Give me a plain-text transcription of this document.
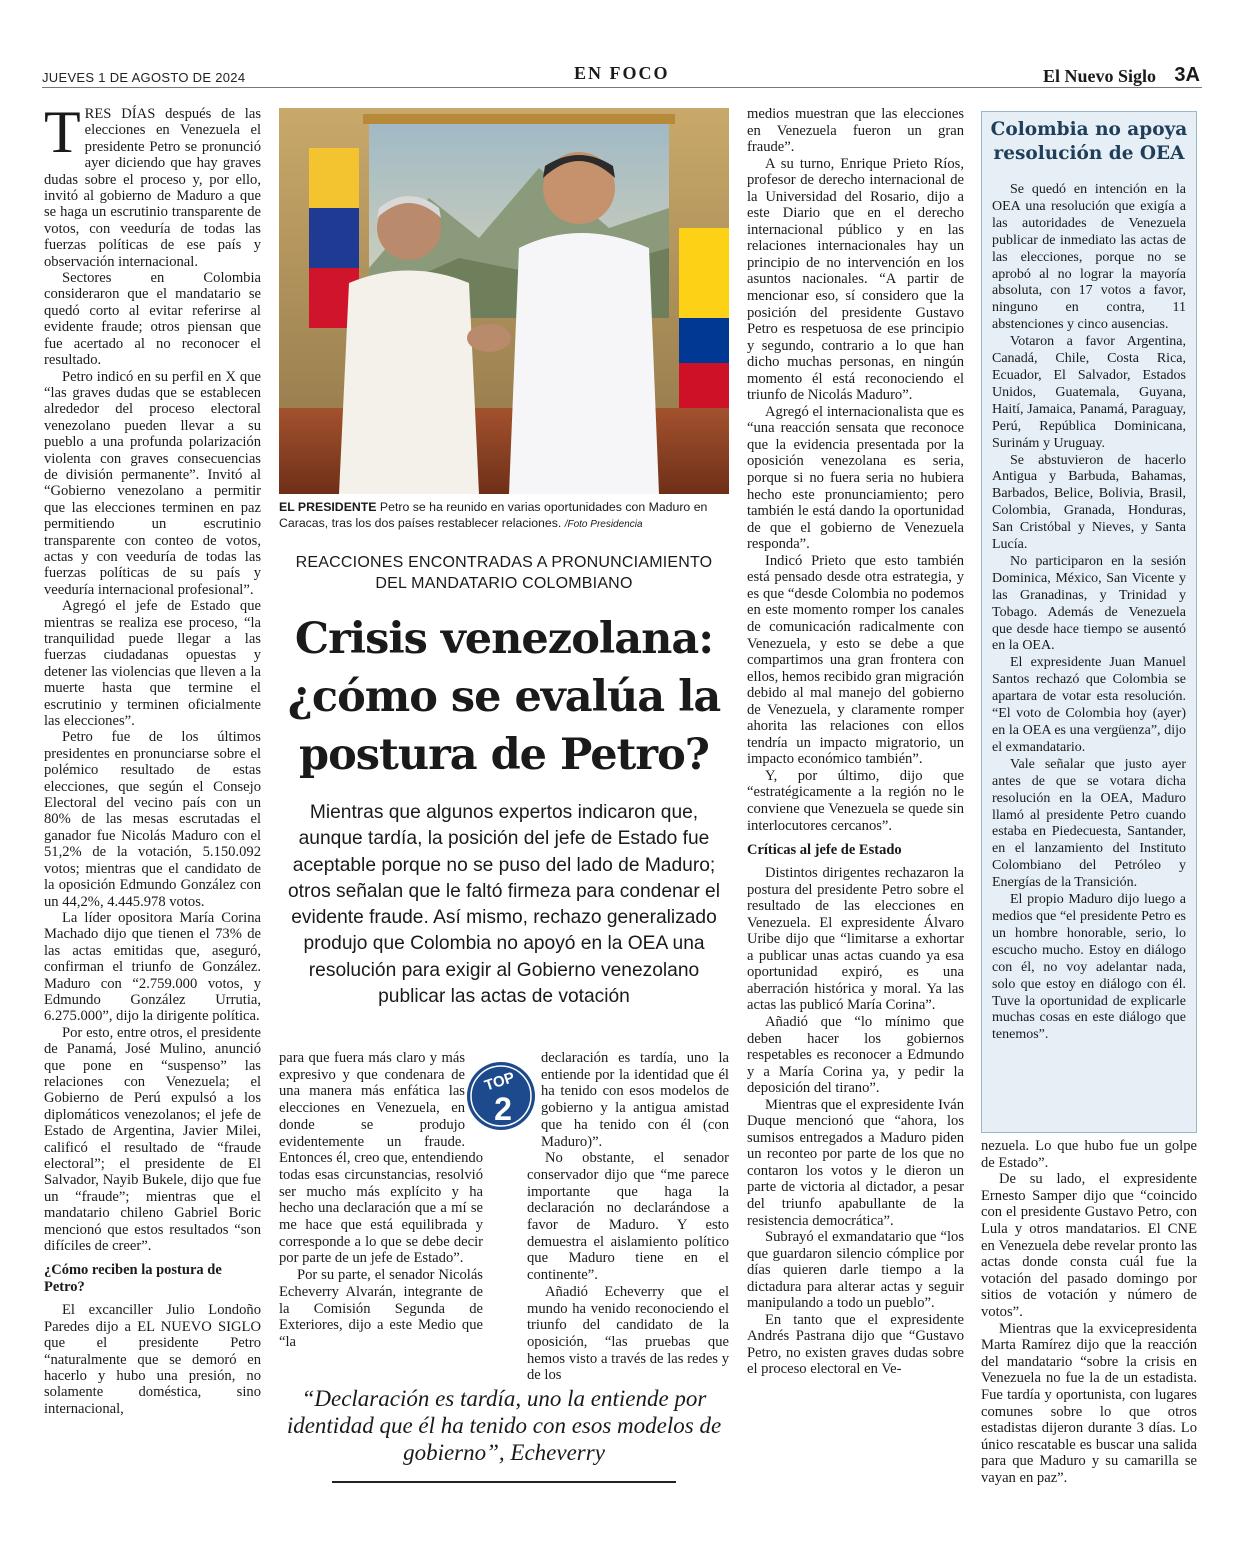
JUEVES 1 DE AGOSTO DE 2024	EN FOCO	El Nuevo Siglo 3A

TRES DÍAS después de las elecciones en Venezuela el presidente Petro se pronunció ayer diciendo que hay graves dudas sobre el proceso y, por ello, invitó al gobierno de Maduro a que se haga un escrutinio transparente de votos, con veeduría de todas las fuerzas políticas de ese país y observación internacional.

Sectores en Colombia consideraron que el mandatario se quedó corto al evitar referirse al evidente fraude; otros piensan que fue acertado al no reconocer el resultado.

Petro indicó en su perfil en X que “las graves dudas que se establecen alrededor del proceso electoral venezolano pueden llevar a su pueblo a una profunda polarización violenta con graves consecuencias de división permanente”. Invitó al “Gobierno venezolano a permitir que las elecciones terminen en paz permitiendo un escrutinio transparente con conteo de votos, actas y con veeduría de todas las fuerzas políticas de su país y veeduría internacional profesional”.

Agregó el jefe de Estado que mientras se realiza ese proceso, “la tranquilidad puede llegar a las fuerzas ciudadanas opuestas y detener las violencias que lleven a la muerte hasta que termine el escrutinio y terminen oficialmente las elecciones”.

Petro fue de los últimos presidentes en pronunciarse sobre el polémico resultado de estas elecciones, que según el Consejo Electoral del vecino país con un 80% de las mesas escrutadas el ganador fue Nicolás Maduro con el 51,2% de la votación, 5.150.092 votos; mientras que el candidato de la oposición Edmundo González con un 44,2%, 4.445.978 votos.

La líder opositora María Corina Machado dijo que tienen el 73% de las actas emitidas que, aseguró, confirman el triunfo de González. Maduro con “2.759.000 votos, y Edmundo González Urrutia, 6.275.000”, dijo la dirigente política.

Por esto, entre otros, el presidente de Panamá, José Mulino, anunció que pone en “suspenso” las relaciones con Venezuela; el Gobierno de Perú expulsó a los diplomáticos venezolanos; el jefe de Estado de Argentina, Javier Milei, calificó el resultado de “fraude electoral”; el presidente de El Salvador, Nayib Bukele, dijo que fue un “fraude”; mientras que el mandatario chileno Gabriel Boric mencionó que estos resultados “son difíciles de creer”.

¿Cómo reciben la postura de Petro?

El excanciller Julio Londoño Paredes dijo a EL NUEVO SIGLO que el presidente Petro “naturalmente que se demoró en hacerlo y hubo una presión, no solamente doméstica, sino internacional,

EL PRESIDENTE Petro se ha reunido en varias oportunidades con Maduro en Caracas, tras los dos países restablecer relaciones. /Foto Presidencia
REACCIONES ENCONTRADAS A PRONUNCIAMIENTO DEL MANDATARIO COLOMBIANO
Crisis venezolana: ¿cómo se evalúa la postura de Petro?
Mientras que algunos expertos indicaron que, aunque tardía, la posición del jefe de Estado fue aceptable porque no se puso del lado de Maduro; otros señalan que le faltó firmeza para condenar el evidente fraude. Así mismo, rechazo generalizado produjo que Colombia no apoyó en la OEA una resolución para exigir al Gobierno venezolano publicar las actas de votación

para que fuera más claro y más expresivo y que condenara de una manera más enfática las elecciones en Venezuela, en donde se produjo evidentemente un fraude. Entonces él, creo que, entendiendo todas esas circunstancias, resolvió ser mucho más explícito y ha hecho una declaración que a mí se me hace que está equilibrada y corresponde a lo que se debe decir por parte de un jefe de Estado”.

Por su parte, el senador Nicolás Echeverry Alvarán, integrante de la Comisión Segunda de Exteriores, dijo a este Medio que “la

TOP
2

declaración es tardía, uno la entiende por la identidad que él ha tenido con esos modelos de gobierno y la antigua amistad que ha tenido con él (con Maduro)”.

No obstante, el senador conservador dijo que “me parece importante que haga la declaración no declarándose a favor de Maduro. Y esto demuestra el aislamiento político que Maduro tiene en el continente”.

Añadió Echeverry que el mundo ha venido reconociendo el triunfo del candidato de la oposición, “las pruebas que hemos visto a través de las redes y de los

“Declaración es tardía, uno la entiende por identidad que él ha tenido con esos modelos de gobierno”, Echeverry

medios muestran que las elecciones en Venezuela fueron un gran fraude”.

A su turno, Enrique Prieto Ríos, profesor de derecho internacional de la Universidad del Rosario, dijo a este Diario que en el derecho internacional público y en las relaciones internacionales hay un principio de no intervención en los asuntos nacionales. “A partir de mencionar eso, sí considero que la posición del presidente Gustavo Petro es respetuosa de ese principio y segundo, contrario a lo que han dicho muchas personas, en ningún momento él está reconociendo el triunfo de Nicolás Maduro”.

Agregó el internacionalista que es “una reacción sensata que reconoce que la evidencia presentada por la oposición venezolana es seria, porque si no fuera seria no hubiera hecho este pronunciamiento; pero también le está dando la oportunidad de que el gobierno de Venezuela responda”.

Indicó Prieto que esto también está pensado desde otra estrategia, y es que “desde Colombia no podemos en este momento romper los canales de comunicación radicalmente con Venezuela, y esto se debe a que compartimos una gran frontera con ellos, hemos recibido gran migración debido al mal manejo del gobierno de Venezuela, y claramente romper ahorita las relaciones con ellos tendría un impacto migratorio, un impacto económico también”.

Y, por último, dijo que “estratégicamente a la región no le conviene que Venezuela se quede sin interlocutores cercanos”.

Críticas al jefe de Estado

Distintos dirigentes rechazaron la postura del presidente Petro sobre el resultado de las elecciones en Venezuela. El expresidente Álvaro Uribe dijo que “limitarse a exhortar a publicar unas actas cuando ya esa oportunidad expiró, es una aberración histórica y moral. Ya las actas las publicó María Corina”.

Añadió que “lo mínimo que deben hacer los gobiernos respetables es reconocer a Edmundo y a María Corina ya, y pedir la deposición del tirano”.

Mientras que el expresidente Iván Duque mencionó que “ahora, los sumisos entregados a Maduro piden un reconteo por parte de los que no contaron los votos y le dieron un parte de victoria al dictador, a pesar del triunfo apabullante de la resistencia democrática”.

Subrayó el exmandatario que “los que guardaron silencio cómplice por días quieren darle tiempo a la dictadura para alterar actas y seguir manipulando a todo un pueblo”.

En tanto que el expresidente Andrés Pastrana dijo que “Gustavo Petro, no existen graves dudas sobre el proceso electoral en Ve-

Colombia no apoya resolución de OEA

Se quedó en intención en la OEA una resolución que exigía a las autoridades de Venezuela publicar de inmediato las actas de las elecciones, porque no se aprobó al no lograr la mayoría absoluta, con 17 votos a favor, ninguno en contra, 11 abstenciones y cinco ausencias.

Votaron a favor Argentina, Canadá, Chile, Costa Rica, Ecuador, El Salvador, Estados Unidos, Guatemala, Guyana, Haití, Jamaica, Panamá, Paraguay, Perú, República Dominicana, Surinám y Uruguay.

Se abstuvieron de hacerlo Antigua y Barbuda, Bahamas, Barbados, Belice, Bolivia, Brasil, Colombia, Granada, Honduras, San Cristóbal y Nieves, y Santa Lucía.

No participaron en la sesión Dominica, México, San Vicente y las Granadinas, y Trinidad y Tobago. Además de Venezuela que desde hace tiempo se ausentó en la OEA.

El expresidente Juan Manuel Santos rechazó que Colombia se apartara de votar esta resolución. “El voto de Colombia hoy (ayer) en la OEA es una vergüenza”, dijo el exmandatario.

Vale señalar que justo ayer antes de que se votara dicha resolución en la OEA, Maduro llamó al presidente Petro cuando estaba en Piedecuesta, Santander, en el lanzamiento del Instituto Colombiano del Petróleo y Energías de la Transición.

El propio Maduro dijo luego a medios que “el presidente Petro es un hombre honorable, serio, lo escucho mucho. Estoy en diálogo con él, no voy adelantar nada, solo que estoy en diálogo con él. Tuve la oportunidad de explicarle muchas cosas en este diálogo que tenemos”.

nezuela. Lo que hubo fue un golpe de Estado”.

De su lado, el expresidente Ernesto Samper dijo que “coincido con el presidente Gustavo Petro, con Lula y otros mandatarios. El CNE en Venezuela debe revelar pronto las actas donde consta cuál fue la votación del pasado domingo por sitios de votación y número de votos”.

Mientras que la exvicepresidenta Marta Ramírez dijo que la reacción del mandatario “sobre la crisis en Venezuela no fue la de un estadista. Fue tardía y oportunista, con lugares comunes sobre lo que otros estadistas dijeron durante 3 días. Lo único rescatable es buscar una salida para que Maduro y su camarilla se vayan en paz”.
